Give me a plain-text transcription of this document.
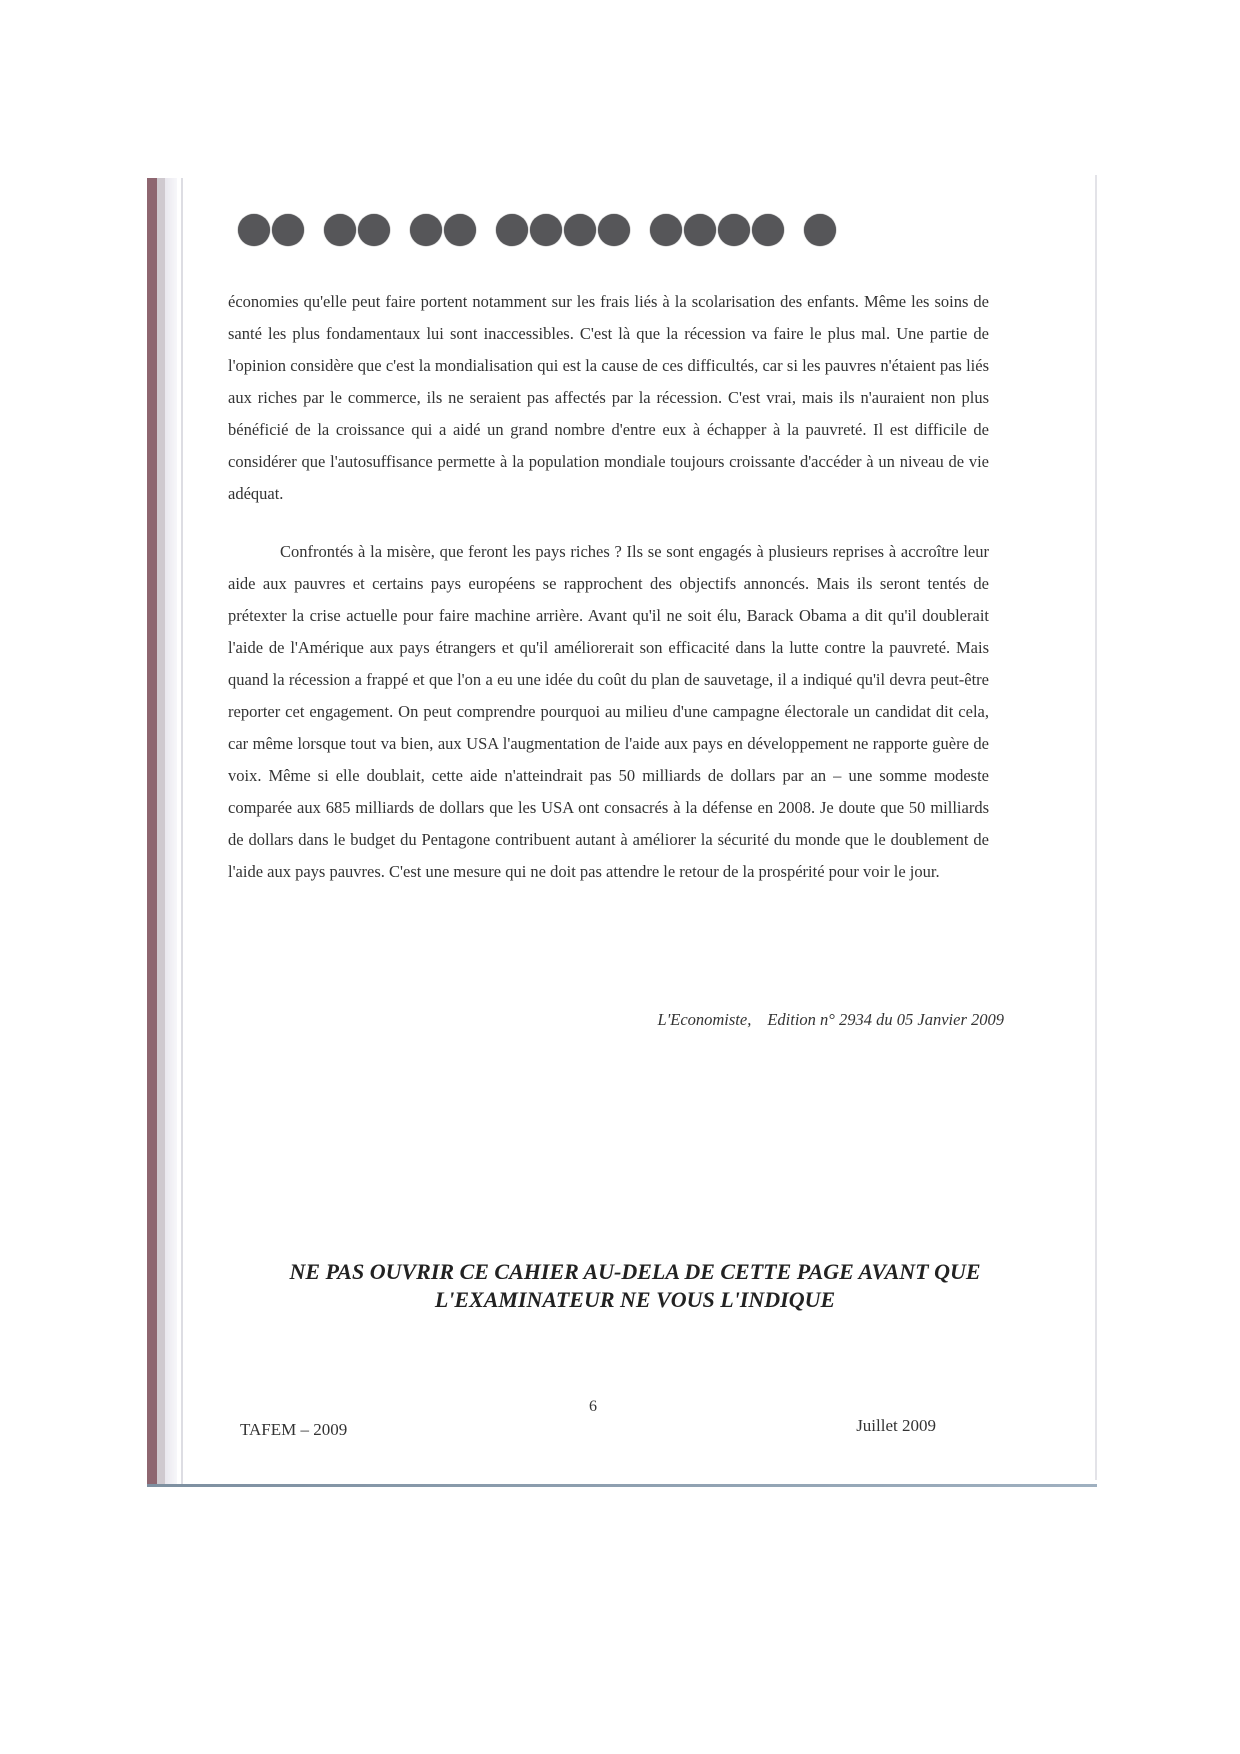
économies qu'elle peut faire portent notamment sur les frais liés à la scolarisation des enfants. Même les soins de santé les plus fondamentaux lui sont inaccessibles. C'est là que la récession va faire le plus mal. Une partie de l'opinion considère que c'est la mondialisation qui est la cause de ces difficultés, car si les pauvres n'étaient pas liés aux riches par le commerce, ils ne seraient pas affectés par la récession. C'est vrai, mais ils n'auraient non plus bénéficié de la croissance qui a aidé un grand nombre d'entre eux à échapper à la pauvreté. Il est difficile de considérer que l'autosuffisance permette à la population mondiale toujours croissante d'accéder à un niveau de vie adéquat.

Confrontés à la misère, que feront les pays riches ? Ils se sont engagés à plusieurs reprises à accroître leur aide aux pauvres et certains pays européens se rapprochent des objectifs annoncés. Mais ils seront tentés de prétexter la crise actuelle pour faire machine arrière. Avant qu'il ne soit élu, Barack Obama a dit qu'il doublerait l'aide de l'Amérique aux pays étrangers et qu'il améliorerait son efficacité dans la lutte contre la pauvreté. Mais quand la récession a frappé et que l'on a eu une idée du coût du plan de sauvetage, il a indiqué qu'il devra peut-être reporter cet engagement. On peut comprendre pourquoi au milieu d'une campagne électorale un candidat dit cela, car même lorsque tout va bien, aux USA l'augmentation de l'aide aux pays en développement ne rapporte guère de voix. Même si elle doublait, cette aide n'atteindrait pas 50 milliards de dollars par an – une somme modeste comparée aux 685 milliards de dollars que les USA ont consacrés à la défense en 2008. Je doute que 50 milliards de dollars dans le budget du Pentagone contribuent autant à améliorer la sécurité du monde que le doublement de l'aide aux pays pauvres. C'est une mesure qui ne doit pas attendre le retour de la prospérité pour voir le jour.

L'Economiste, Edition n° 2934 du 05 Janvier 2009
NE PAS OUVRIR CE CAHIER AU-DELA DE CETTE PAGE AVANT QUE
L'EXAMINATEUR NE VOUS L'INDIQUE
6
TAFEM – 2009	Juillet 2009
